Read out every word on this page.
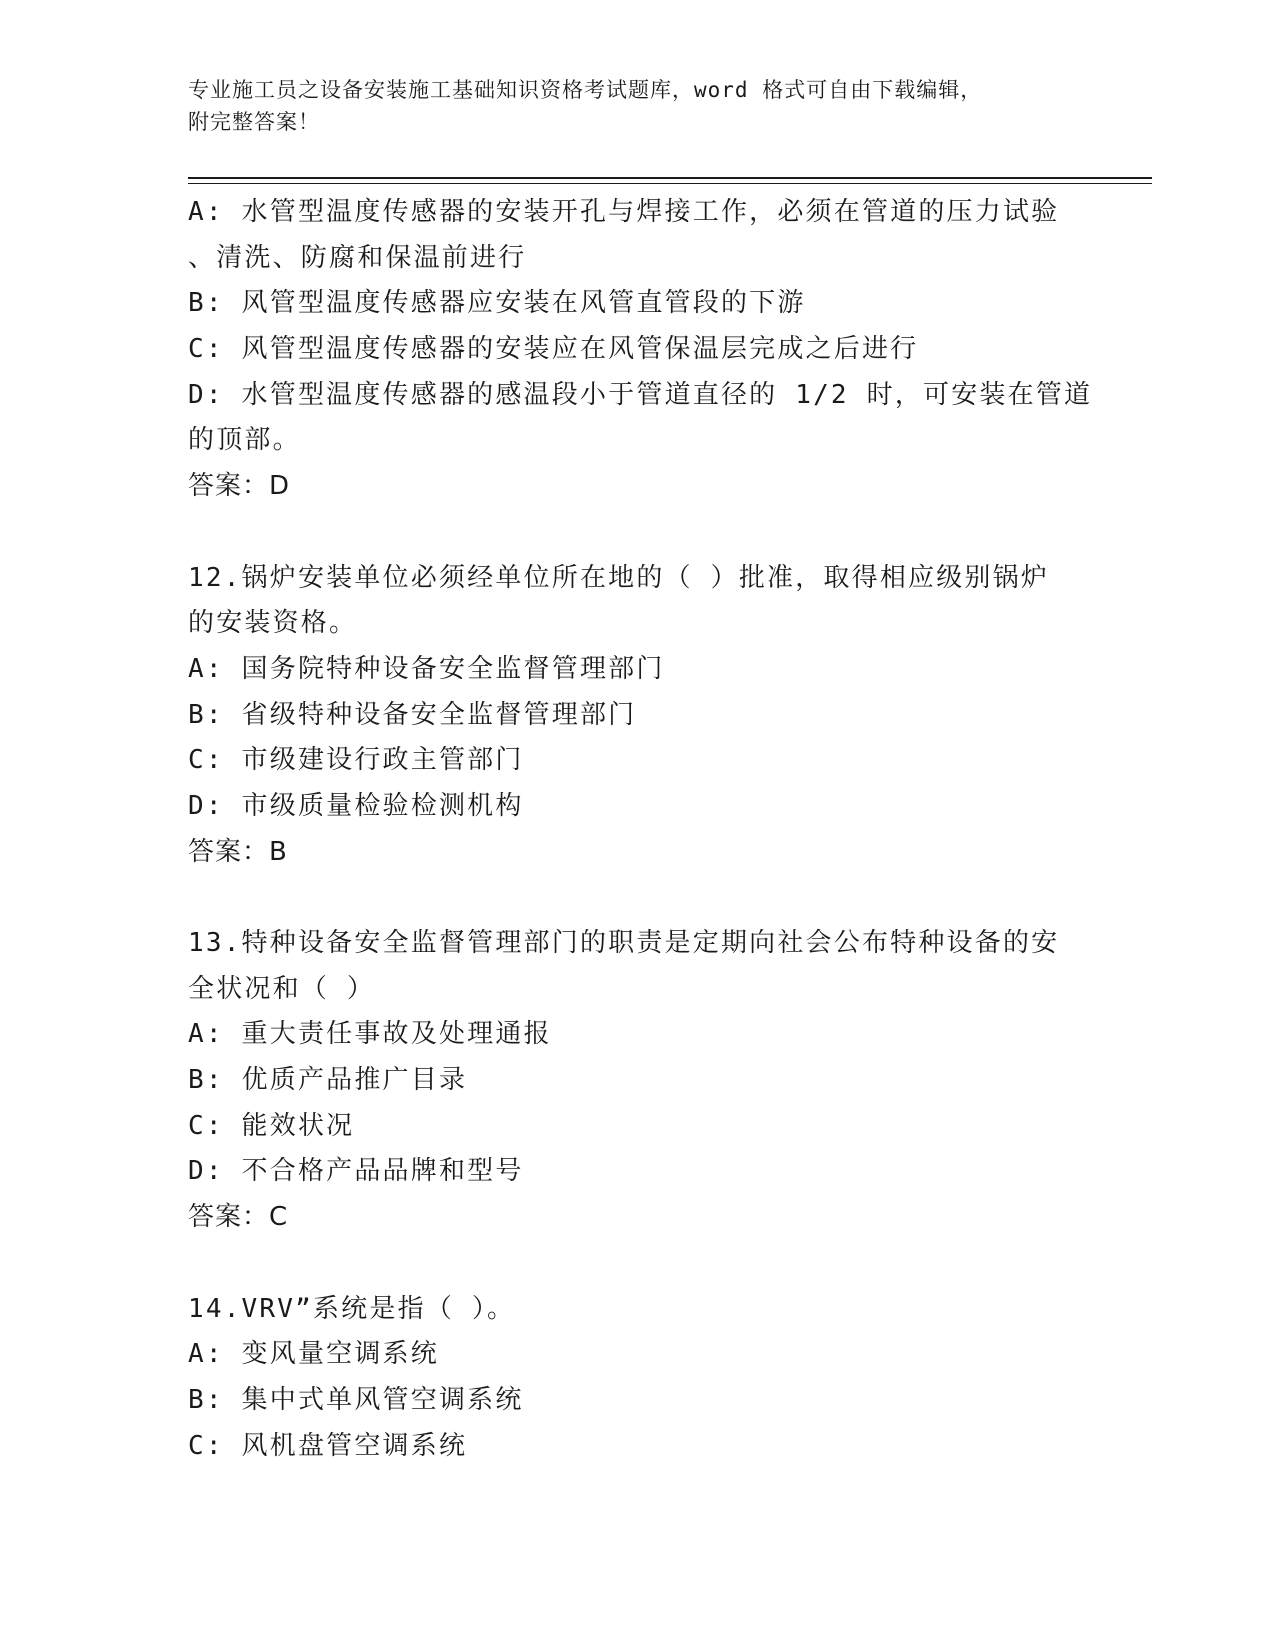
专业施工员之设备安装施工基础知识资格考试题库，word 格式可自由下载编辑，
附完整答案！
A: 水管型温度传感器的安装开孔与焊接工作，必须在管道的压力试验
、清洗、防腐和保温前进行
B: 风管型温度传感器应安装在风管直管段的下游
C: 风管型温度传感器的安装应在风管保温层完成之后进行
D: 水管型温度传感器的感温段小于管道直径的 1/2 时，可安装在管道
的顶部。
答案：D
12.锅炉安装单位必须经单位所在地的（ ）批准，取得相应级别锅炉
的安装资格。
A: 国务院特种设备安全监督管理部门
B: 省级特种设备安全监督管理部门
C: 市级建设行政主管部门
D: 市级质量检验检测机构
答案：B
13.特种设备安全监督管理部门的职责是定期向社会公布特种设备的安
全状况和（ ）
A: 重大责任事故及处理通报
B: 优质产品推广目录
C: 能效状况
D: 不合格产品品牌和型号
答案：C
14.VRV”系统是指（ ）。
A: 变风量空调系统
B: 集中式单风管空调系统
C: 风机盘管空调系统
